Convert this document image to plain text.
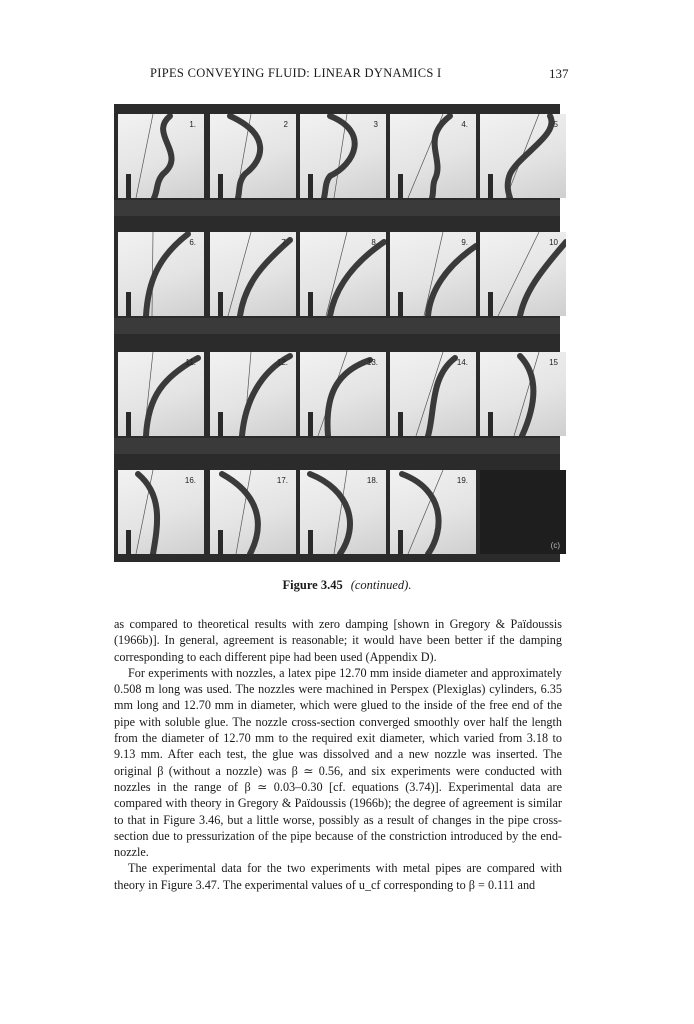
PIPES CONVEYING FLUID: LINEAR DYNAMICS I	137
1.	2	3	4.	5
6.	7.	8.	9.	10
11.	12.	13.	14.	15
16.	17.	18.	19.
(c)
Figure 3.45 (continued).

as compared to theoretical results with zero damping [shown in Gregory & Païdoussis (1966b)]. In general, agreement is reasonable; it would have been better if the damping corresponding to each different pipe had been used (Appendix D).

For experiments with nozzles, a latex pipe 12.70 mm inside diameter and approximately 0.508 m long was used. The nozzles were machined in Perspex (Plexiglas) cylinders, 6.35 mm long and 12.70 mm in diameter, which were glued to the inside of the free end of the pipe with soluble glue. The nozzle cross-section converged smoothly over half the length from the diameter of 12.70 mm to the required exit diameter, which varied from 3.18 to 9.13 mm. After each test, the glue was dissolved and a new nozzle was inserted. The original β (without a nozzle) was β ≃ 0.56, and six experiments were conducted with nozzles in the range of β ≃ 0.03–0.30 [cf. equations (3.74)]. Experimental data are compared with theory in Gregory & Païdoussis (1966b); the degree of agreement is similar to that in Figure 3.46, but a little worse, possibly as a result of changes in the pipe cross-section due to pressurization of the pipe because of the constriction introduced by the end-nozzle.

The experimental data for the two experiments with metal pipes are compared with theory in Figure 3.47. The experimental values of u_cf corresponding to β = 0.111 and
